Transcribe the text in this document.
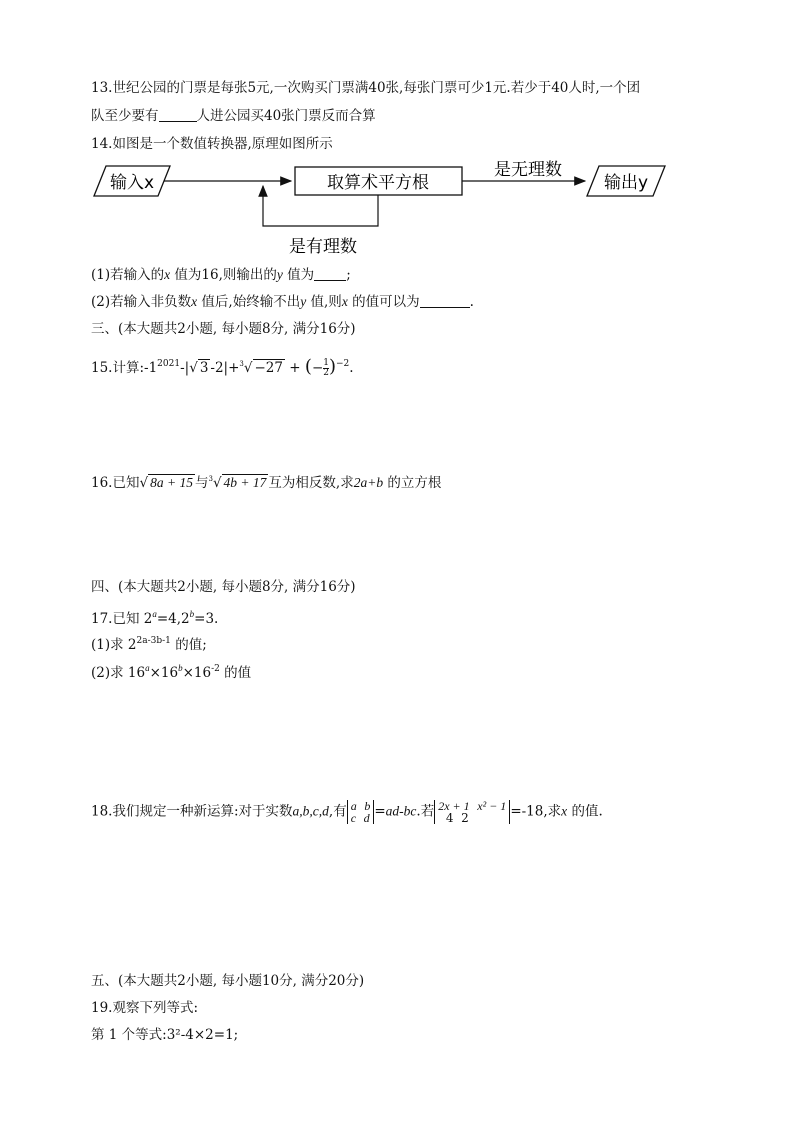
13.世纪公园的门票是每张5元,一次购买门票满40张,每张门票可少1元.若少于40人时,一个团
队至少要有	人进公园买40张门票反而合算
14.如图是一个数值转换器,原理如图所示
输入x	取算术平方根
是无理数
输出y
是有理数
(1)若输入的x 值为16,则输出的y 值为 ;
(2)若输入非负数x 值后,始终输不出y 值,则x 的值可以为	.
三、(本大题共2小题, 每小题8分, 满分16分)
15.计算$:-1^{2021}-|√$ 3 -2|+$^3$√ −27 + (− $\frac{1}{2} )^{-2}$.
16.已知√ 8a + 15 与$^3$√ 4b + 17 互为相反数,求2a+b 的立方根
四、(本大题共2小题, 每小题8分, 满分16分)
17.已知 $2^a=4,2^b=3$.
(1)求 $2^{2a-3b-1}$ 的值;
(2)求 $16^a\times 16^b\times 16^{-2}$ 的值
18.我们规定一种新运算:对于实数a,b,c,d,有 a b
c d =ad-bc.若 2x + 1 x² − 1
4 2	=-18,求x 的值.
五、(本大题共2小题, 每小题10分, 满分20分)
19.观察下列等式:
第 1 个等式:3²-4×2=1;
